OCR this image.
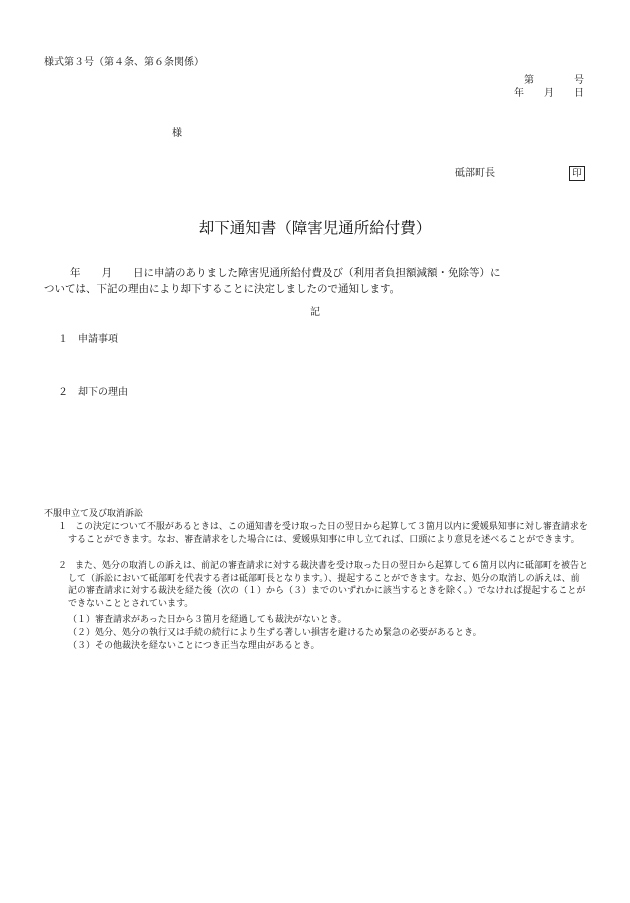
様式第３号（第４条、第６条関係）
第　　　　号
年　　月　　日
様
砥部町長	印
却下通知書（障害児通所給付費）
　　年　　月　　日に申請のありました障害児通所給付費及び（利用者負担額減額・免除等）に
ついては、下記の理由により却下することに決定しましたので通知します。
記
１　申請事項
２　却下の理由
不服申立て及び取消訴訟
１ この決定について不服があるときは、この通知書を受け取った日の翌日から起算して３箇月以内に愛媛県知事に対し審査請求をすることができます。なお、審査請求をした場合には、愛媛県知事に申し立てれば、口頭により意見を述べることができます。
２ また、処分の取消しの訴えは、前記の審査請求に対する裁決書を受け取った日の翌日から起算して６箇月以内に砥部町を被告として（訴訟において砥部町を代表する者は砥部町長となります。）、提起することができます。なお、処分の取消しの訴えは、前記の審査請求に対する裁決を経た後（次の（１）から（３）までのいずれかに該当するときを除く。）でなければ提起することができないこととされています。
（１）審査請求があった日から３箇月を経過しても裁決がないとき。
（２）処分、処分の執行又は手続の続行により生ずる著しい損害を避けるため緊急の必要があるとき。
（３）その他裁決を経ないことにつき正当な理由があるとき。
